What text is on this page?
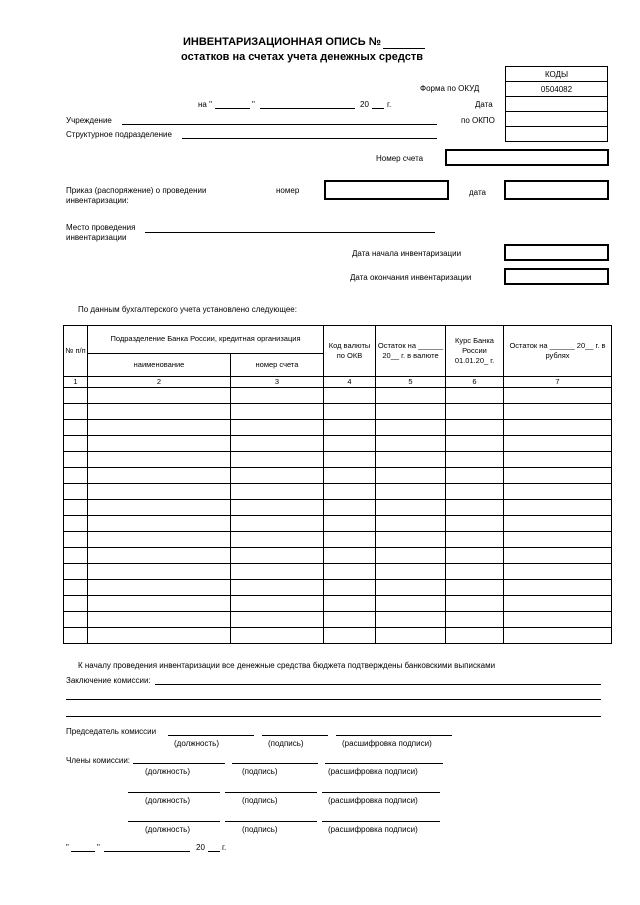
ИНВЕНТАРИЗАЦИОННАЯ ОПИСЬ №
остатков на счетах учета денежных средств
КОДЫ
0504082

Форма по ОКУД
Дата
по ОКПО
на "	"	20 г.
Учреждение
Структурное подразделение
Номер счета
Приказ (распоряжение) о проведении инвентаризации:
номер	дата
Место проведения инвентаризации
Дата начала инвентаризации
Дата окончания инвентаризации
По данным бухгалтерского учета установлено следующее:
№ п/п	Подразделение Банка России, кредитная организация		Код валюты по ОКВ	Остаток на ______ 20__ г. в валюте	Курс Банка России 01.01.20_ г.	Остаток на ______ 20__ г. в рублях
	наименование	номер счета				
1	2	3	4	5	6	7

К началу проведения инвентаризации все денежные средства бюджета подтверждены банковскими выписками
Заключение комиссии:
Председатель комиссии
(должность)	(подпись)	(расшифровка подписи)
Члены комиссии:
(должность)	(подпись)	(расшифровка подписи)
(должность)	(подпись)	(расшифровка подписи)
(должность)	(подпись)	(расшифровка подписи)
"	"	20 г.
